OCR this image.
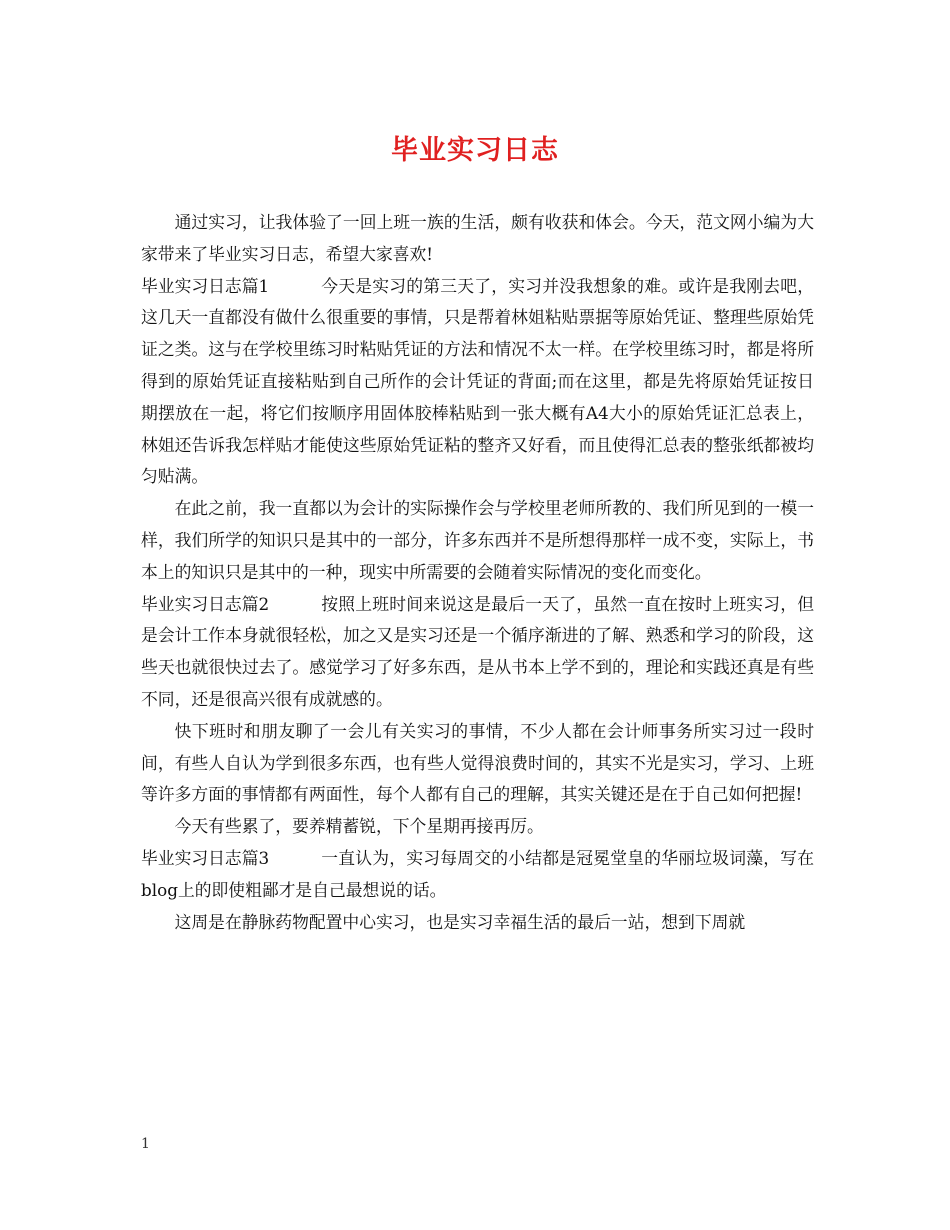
毕业实习日志

通过实习，让我体验了一回上班一族的生活，颇有收获和体会。今天，范文网小编为大家带来了毕业实习日志，希望大家喜欢!

毕业实习日志篇1	今天是实习的第三天了，实习并没我想象的难。或许是我刚去吧，这几天一直都没有做什么很重要的事情，只是帮着林姐粘贴票据等原始凭证、整理些原始凭证之类。这与在学校里练习时粘贴凭证的方法和情况不太一样。在学校里练习时，都是将所得到的原始凭证直接粘贴到自己所作的会计凭证的背面;而在这里，都是先将原始凭证按日期摆放在一起，将它们按顺序用固体胶棒粘贴到一张大概有A4大小的原始凭证汇总表上，林姐还告诉我怎样贴才能使这些原始凭证粘的整齐又好看，而且使得汇总表的整张纸都被均匀贴满。

在此之前，我一直都以为会计的实际操作会与学校里老师所教的、我们所见到的一模一样，我们所学的知识只是其中的一部分，许多东西并不是所想得那样一成不变，实际上，书本上的知识只是其中的一种，现实中所需要的会随着实际情况的变化而变化。

毕业实习日志篇2	按照上班时间来说这是最后一天了，虽然一直在按时上班实习，但是会计工作本身就很轻松，加之又是实习还是一个循序渐进的了解、熟悉和学习的阶段，这些天也就很快过去了。感觉学习了好多东西，是从书本上学不到的，理论和实践还真是有些不同，还是很高兴很有成就感的。

快下班时和朋友聊了一会儿有关实习的事情，不少人都在会计师事务所实习过一段时间，有些人自认为学到很多东西，也有些人觉得浪费时间的，其实不光是实习，学习、上班等许多方面的事情都有两面性，每个人都有自己的理解，其实关键还是在于自己如何把握!

今天有些累了，要养精蓄锐，下个星期再接再厉。

毕业实习日志篇3	一直认为，实习每周交的小结都是冠冕堂皇的华丽垃圾词藻，写在blog上的即使粗鄙才是自己最想说的话。

这周是在静脉药物配置中心实习，也是实习幸福生活的最后一站，想到下周就

1
